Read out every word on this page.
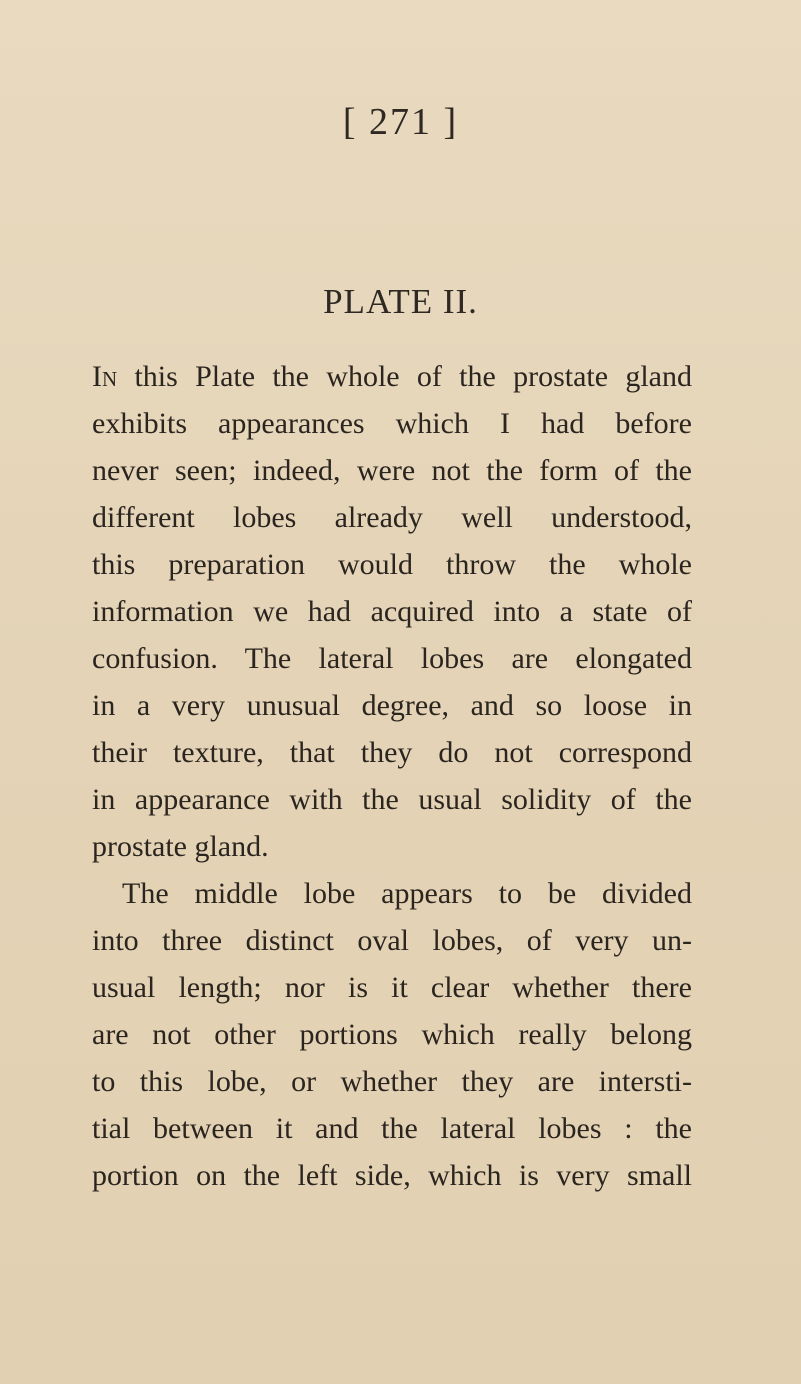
[ 271 ]
PLATE II.
In this Plate the whole of the prostate gland
exhibits appearances which I had before
never seen; indeed, were not the form of the
different lobes already well understood,
this preparation would throw the whole
information we had acquired into a state of
confusion. The lateral lobes are elongated
in a very unusual degree, and so loose in
their texture, that they do not correspond
in appearance with the usual solidity of the
prostate gland.
The middle lobe appears to be divided
into three distinct oval lobes, of very un-
usual length; nor is it clear whether there
are not other portions which really belong
to this lobe, or whether they are intersti-
tial between it and the lateral lobes : the
portion on the left side, which is very small
